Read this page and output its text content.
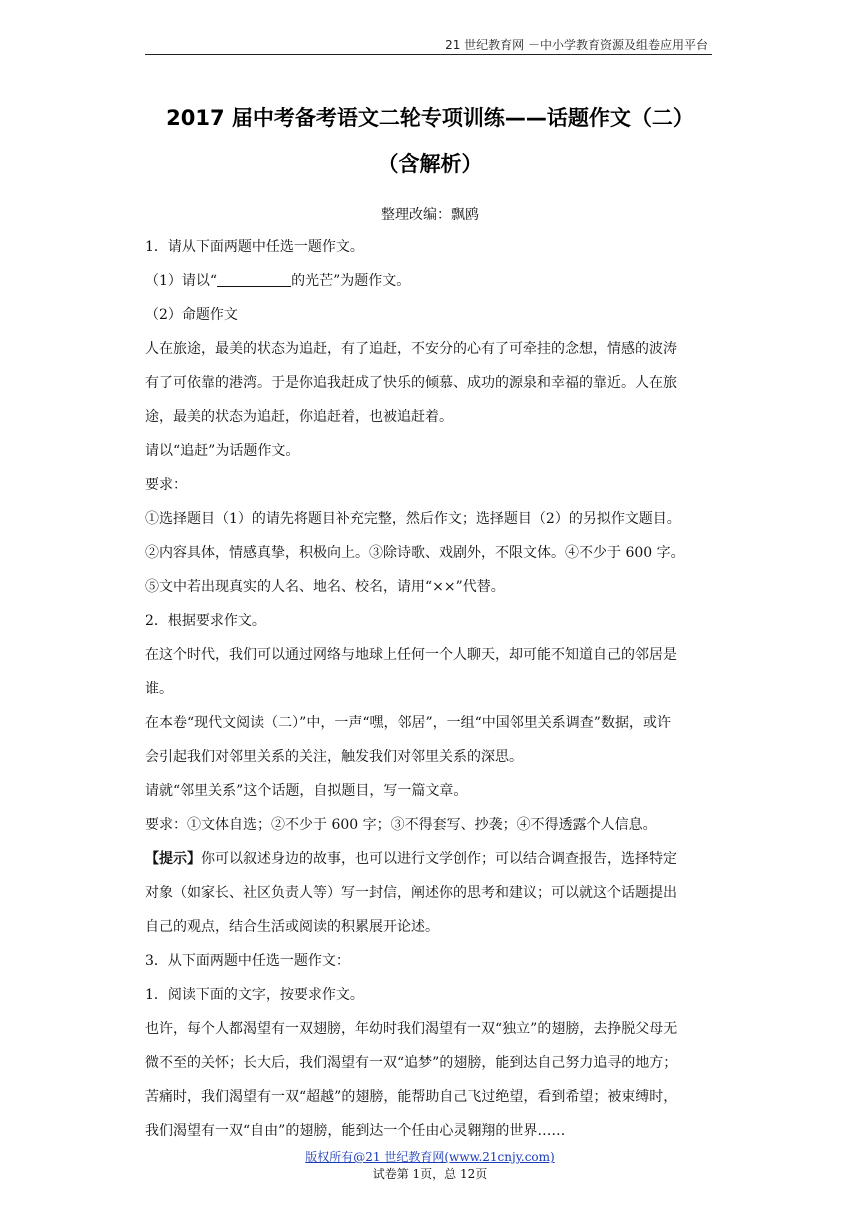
21 世纪教育网 －中小学教育资源及组卷应用平台
2017 届中考备考语文二轮专项训练——话题作文（二）
（含解析）
整理改编：飘鸥

1．请从下面两题中任选一题作文。

（1）请以“	的光芒”为题作文。

（2）命题作文

人在旅途，最美的状态为追赶，有了追赶，不安分的心有了可牵挂的念想，情感的波涛

有了可依靠的港湾。于是你追我赶成了快乐的倾慕、成功的源泉和幸福的靠近。人在旅

途，最美的状态为追赶，你追赶着，也被追赶着。

请以“追赶”为话题作文。

要求：

①选择题目（1）的请先将题目补充完整，然后作文；选择题目（2）的另拟作文题目。

②内容具体，情感真挚，积极向上。③除诗歌、戏剧外，不限文体。④不少于 600 字。

⑤文中若出现真实的人名、地名、校名，请用“××”代替。

2．根据要求作文。

在这个时代，我们可以通过网络与地球上任何一个人聊天，却可能不知道自己的邻居是

谁。

在本卷“现代文阅读（二）”中，一声“嘿，邻居”，一组“中国邻里关系调查”数据，或许

会引起我们对邻里关系的关注，触发我们对邻里关系的深思。

请就“邻里关系”这个话题，自拟题目，写一篇文章。

要求：①文体自选；②不少于 600 字；③不得套写、抄袭；④不得透露个人信息。

【提示】你可以叙述身边的故事，也可以进行文学创作；可以结合调查报告，选择特定

对象（如家长、社区负责人等）写一封信，阐述你的思考和建议；可以就这个话题提出

自己的观点，结合生活或阅读的积累展开论述。

3．从下面两题中任选一题作文：

1．阅读下面的文字，按要求作文。

也许，每个人都渴望有一双翅膀，年幼时我们渴望有一双“独立”的翅膀，去挣脱父母无

微不至的关怀；长大后，我们渴望有一双“追梦”的翅膀，能到达自己努力追寻的地方；

苦痛时，我们渴望有一双“超越”的翅膀，能帮助自己飞过绝望，看到希望；被束缚时，

我们渴望有一双“自由”的翅膀，能到达一个任由心灵翱翔的世界……

版权所有@21 世纪教育网(www.21cnjy.com)
试卷第 1页，总 12页
